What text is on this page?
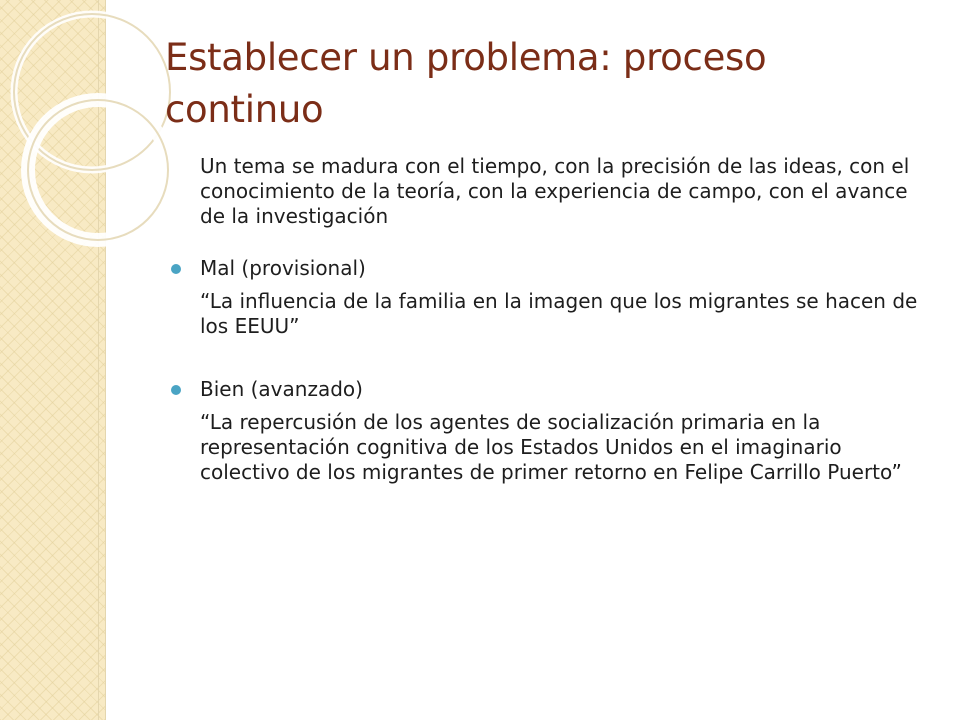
Establecer un problema: proceso continuo

Un tema se madura con el tiempo, con la precisión de las ideas, con el conocimiento de la teoría, con la experiencia de campo, con el avance de la investigación

Mal (provisional)

“La influencia de la familia en la imagen que los migrantes se hacen de los EEUU”

Bien (avanzado)

“La repercusión de los agentes de socialización primaria en la representación cognitiva de los Estados Unidos en el imaginario colectivo de los migrantes de primer retorno en Felipe Carrillo Puerto”
